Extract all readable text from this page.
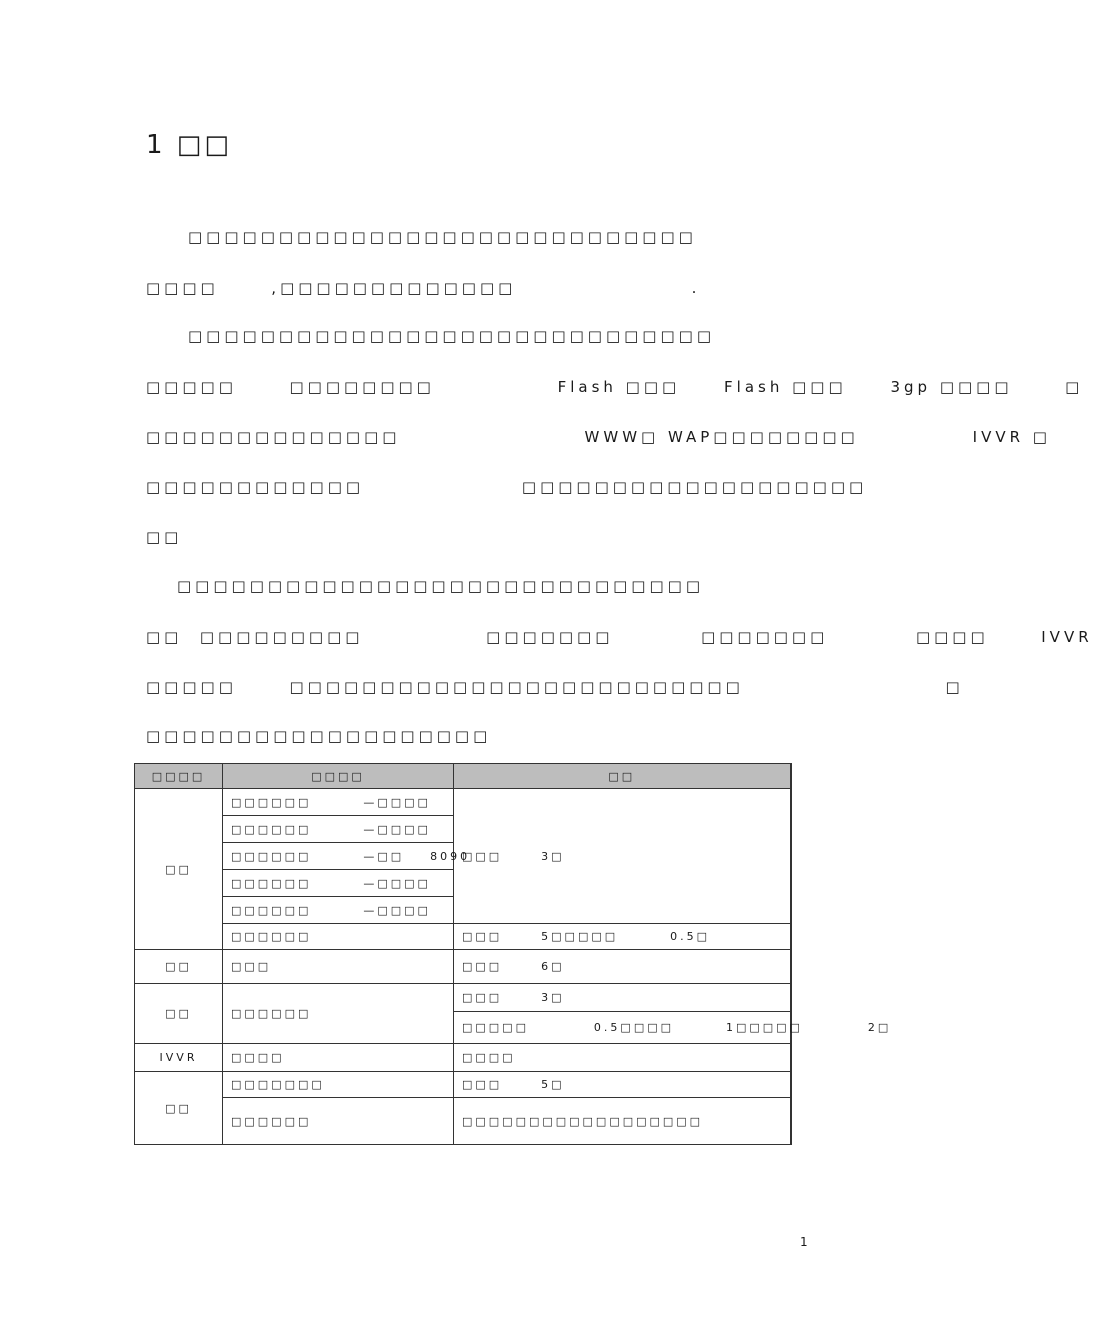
1 □□
□□□□□□□□□□□□□□□□□□□□□□□□□□□□
□□□□      ,□□□□□□□□□□□□□                    .
□□□□□□□□□□□□□□□□□□□□□□□□□□□□□
□□□□□      □□□□□□□□              Flash □□□     Flash □□□     3gp □□□□      □
□□□□□□□□□□□□□□                     WWW□ WAP□□□□□□□□             IVVR □
□□□□□□□□□□□□                  □□□□□□□□□□□□□□□□□□□
□□
□□□□□□□□□□□□□□□□□□□□□□□□□□□□□
□□  □□□□□□□□□              □□□□□□□          □□□□□□□          □□□□      IVVR
□□□□□      □□□□□□□□□□□□□□□□□□□□□□□□□                       □
□□□□□□□□□□□□□□□□□□□
□□□□	□□□□	□□
□□	□□□□□□        —□□□□	□□□      3□
	□□□□□□        —□□□□	
	□□□□□□        —□□    8090	
	□□□□□□        —□□□□	
	□□□□□□        —□□□□	
	□□□□□□	□□□      5□□□□□        0.5□
□□	□□□	□□□      6□
□□	□□□□□□	□□□      3□
		□□□□□          0.5□□□□        1□□□□□          2□
IVVR	□□□□	□□□□
□□	□□□□□□□	□□□      5□
	□□□□□□	□□□□□□□□□□□□□□□□□□
1
